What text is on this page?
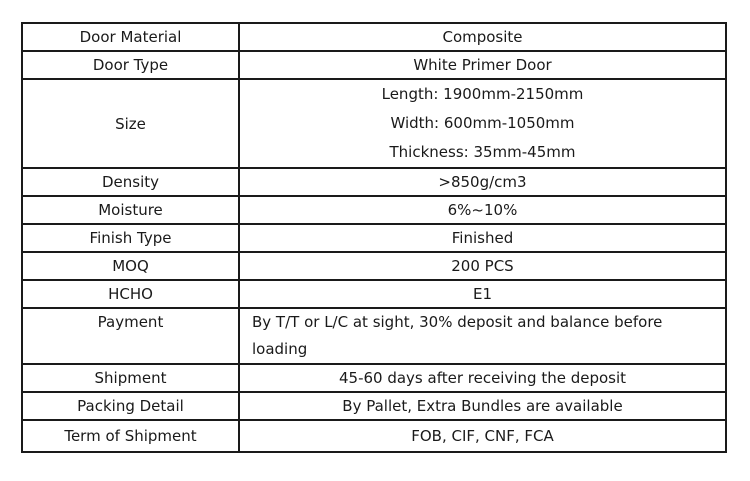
Door Material	Composite
Door Type	White Primer Door
Size	Length: 1900mm-2150mm
Width: 600mm-1050mm
Thickness: 35mm-45mm

Density	>850g/cm3
Moisture	6%~10%
Finish Type	Finished
MOQ	200 PCS
HCHO	E1
Payment	By T/T or L/C at sight, 30% deposit and balance before loading
Shipment	45-60 days after receiving the deposit
Packing Detail	By Pallet, Extra Bundles are available
Term of Shipment	FOB, CIF, CNF, FCA
